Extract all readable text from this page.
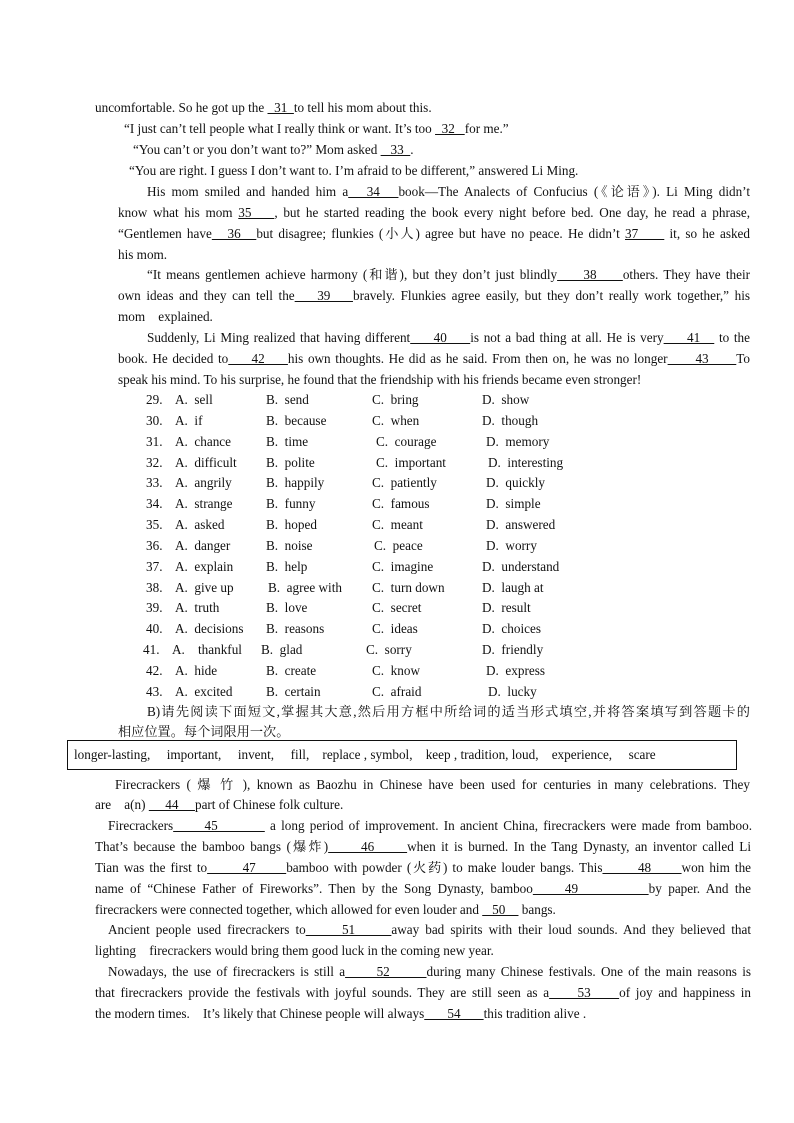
uncomfortable. So he got up the   31  to tell his mom about this.
“I just can’t tell people what I really think or want. It’s too   32   for me.”
“You can’t or you don’t want to?” Mom asked    33  .
“You are right. I guess I don’t want to. I’m afraid to be different,” answered Li Ming.
His mom smiled and handed him a   34   book—The Analects of Confucius (《论语》). Li Ming didn’t
know what his mom 35    , but he started reading the book every night before bed. One day, he read a phrase,
“Gentlemen have   36   but disagree; flunkies (小人) agree but have no peace. He didn’t 37      it, so he asked
his mom.
“It means gentlemen achieve harmony (和谐), but they don’t just blindly     38     others. They have their
own ideas and they can tell the    39    bravely. Flunkies agree easily, but they don’t really work together,” his
mom    explained.
Suddenly, Li Ming realized that having different     40     is not a bad thing at all. He is very     41    to the
book. He decided to     42     his own thoughts. He did as he said. From then on, he was no longer      43      To
speak his mind. To his surprise, he found that the friendship with his friends became even stronger!
29. A.  sell	B.  send	C.  bring	D.  show
30. A.  if	B.  because	C.  when	D.  though
31. A.  chance	B.  time	C.  courage	D.  memory
32. A.  difficult B.  polite	C.  important	D.  interesting
33. A.  angrily	B.  happily	C.  patiently	D.  quickly
34. A.  strange	B.  funny	C.  famous	D.  simple
35. A.  asked	B.  hoped	C.  meant	D.  answered
36. A.  danger	B.  noise	C.  peace	D.  worry
37. A.  explain B.  help	C.  imagine	D.  understand
38. A.  give up	B.  agree with C.  turn down	D.  laugh at
39. A.  truth	B.  love	C.  secret	D.  result
40. A.  decisions B.  reasons	C.  ideas	D.  choices
41. A.    thankful B.  glad	C.  sorry	D.  friendly
42. A.  hide	B.  create	C.  know	D.  express
43. A.  excited	B.  certain	C.  afraid	D.  lucky
B)请先阅读下面短文,掌握其大意,然后用方框中所给词的适当形式填空,并将答案填写到答题卡的
相应位置。每个词限用一次。
longer-lasting,     important,     invent,     fill,    replace , symbol,    keep , tradition, loud,    experience,     scare
Firecrackers ( 爆 竹 ), known as Baozhu in Chinese have been used for centuries in many celebrations. They
are    a(n)      44     part of Chinese folk culture.
Firecrackers      45          a long period of improvement. In ancient China, firecrackers were made from bamboo.
That’s because the bamboo bangs (爆炸)      46      when it is burned. In the Tang Dynasty, an inventor called Li
Tian was the first to       47      bamboo with powder (火药) to make louder bangs. This       48      won him the
name of “Chinese Father of Fireworks”. Then by the Song Dynasty, bamboo     49           by paper. And the
firecrackers were connected together, which allowed for even louder and    50     bangs.
Ancient people used firecrackers to      51      away bad spirits with their loud sounds. And they believed that
lighting    firecrackers would bring them good luck in the coming new year.
Nowadays, the use of firecrackers is still a      52       during many Chinese festivals. One of the main reasons is
that firecrackers provide the festivals with joyful sounds. They are still seen as a     53     of joy and happiness in
the modern times.    It’s likely that Chinese people will always       54       this tradition alive .
